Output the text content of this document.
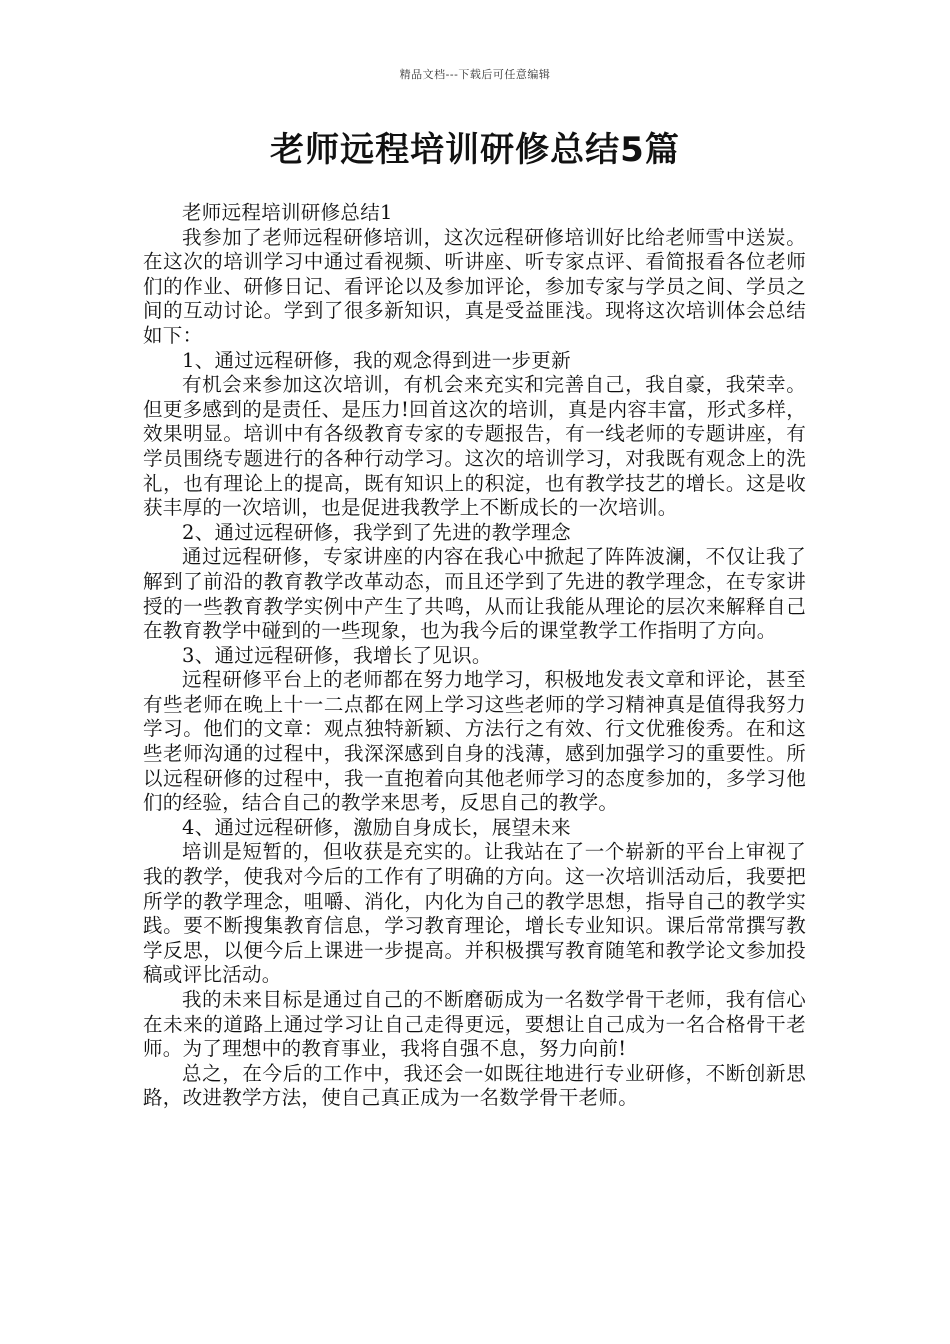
精品文档---下载后可任意编辑
老师远程培训研修总结5篇

老师远程培训研修总结1

我参加了老师远程研修培训，这次远程研修培训好比给老师雪中送炭。在这次的培训学习中通过看视频、听讲座、听专家点评、看简报看各位老师们的作业、研修日记、看评论以及参加评论，参加专家与学员之间、学员之间的互动讨论。学到了很多新知识，真是受益匪浅。现将这次培训体会总结如下：

1、通过远程研修，我的观念得到进一步更新

有机会来参加这次培训，有机会来充实和完善自己，我自豪，我荣幸。但更多感到的是责任、是压力!回首这次的培训，真是内容丰富，形式多样，效果明显。培训中有各级教育专家的专题报告，有一线老师的专题讲座，有学员围绕专题进行的各种行动学习。这次的培训学习，对我既有观念上的洗礼，也有理论上的提高，既有知识上的积淀，也有教学技艺的增长。这是收获丰厚的一次培训，也是促进我教学上不断成长的一次培训。

2、通过远程研修，我学到了先进的教学理念

通过远程研修，专家讲座的内容在我心中掀起了阵阵波澜，不仅让我了解到了前沿的教育教学改革动态，而且还学到了先进的教学理念，在专家讲授的一些教育教学实例中产生了共鸣，从而让我能从理论的层次来解释自己在教育教学中碰到的一些现象，也为我今后的课堂教学工作指明了方向。

3、通过远程研修，我增长了见识。

远程研修平台上的老师都在努力地学习，积极地发表文章和评论，甚至有些老师在晚上十一二点都在网上学习这些老师的学习精神真是值得我努力学习。他们的文章：观点独特新颖、方法行之有效、行文优雅俊秀。在和这些老师沟通的过程中，我深深感到自身的浅薄，感到加强学习的重要性。所以远程研修的过程中，我一直抱着向其他老师学习的态度参加的，多学习他们的经验，结合自己的教学来思考，反思自己的教学。

4、通过远程研修，激励自身成长，展望未来

培训是短暂的，但收获是充实的。让我站在了一个崭新的平台上审视了我的教学，使我对今后的工作有了明确的方向。这一次培训活动后，我要把所学的教学理念，咀嚼、消化，内化为自己的教学思想，指导自己的教学实践。要不断搜集教育信息，学习教育理论，增长专业知识。课后常常撰写教学反思，以便今后上课进一步提高。并积极撰写教育随笔和教学论文参加投稿或评比活动。

我的未来目标是通过自己的不断磨砺成为一名数学骨干老师，我有信心在未来的道路上通过学习让自己走得更远，要想让自己成为一名合格骨干老师。为了理想中的教育事业，我将自强不息，努力向前!

总之，在今后的工作中，我还会一如既往地进行专业研修，不断创新思路，改进教学方法，使自己真正成为一名数学骨干老师。
